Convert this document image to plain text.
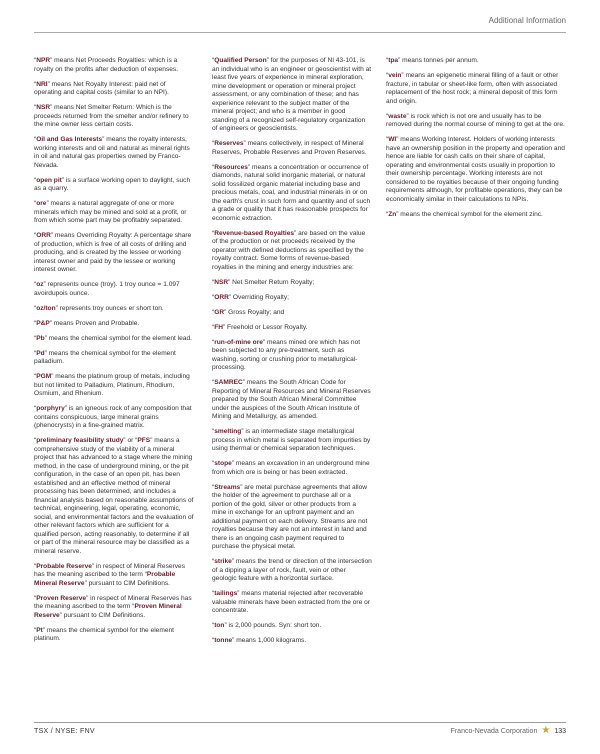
Additional Information

“NPR” means Net Proceeds Royalties: which is a royalty on the profits after deduction of expenses.

“NRI” means Net Royalty Interest: paid net of operating and capital costs (similar to an NPI).

“NSR” means Net Smelter Return: Which is the proceeds returned from the smelter and/or refinery to the mine owner less certain costs.

“Oil and Gas Interests” means the royalty interests, working interests and oil and natural as mineral rights in oil and natural gas properties owned by Franco-Nevada.

“open pit” is a surface working open to daylight, such as a quarry.

“ore” means a natural aggregate of one or more minerals which may be mined and sold at a profit, or from which some part may be profitably separated.

“ORR” means Overriding Royalty: A percentage share of production, which is free of all costs of drilling and producing, and is created by the lessee or working interest owner and paid by the lessee or working interest owner.

“oz” represents ounce (troy). 1 troy ounce = 1.097 avoirdupois ounce.

“oz/ton” represents troy ounces er short ton.

“P&P” means Proven and Probable.

“Pb” means the chemical symbol for the element lead.

“Pd” means the chemical symbol for the element palladium.

“PGM” means the platinum group of metals, including but not limited to Palladium, Platinum, Rhodium, Osmium, and Rhenium.

“porphyry” is an igneous rock of any composition that contains conspicuous, large mineral grains (phenocrysts) in a fine-grained matrix.

“preliminary feasibility study” or “PFS” means a comprehensive study of the viability of a mineral project that has advanced to a stage where the mining method, in the case of underground mining, or the pit configuration, in the case of an open pit, has been established and an effective method of mineral processing has been determined, and includes a financial analysis based on reasonable assumptions of technical, engineering, legal, operating, economic, social, and environmental factors and the evaluation of other relevant factors which are sufficient for a qualified person, acting reasonably, to determine if all or part of the mineral resource may be classified as a mineral reserve.

“Probable Reserve” in respect of Mineral Reserves has the meaning ascribed to the term “Probable Mineral Reserve” pursuant to CIM Definitions.

“Proven Reserve” in respect of Mineral Reserves has the meaning ascribed to the term “Proven Mineral Reserve” pursuant to CIM Definitions.

“Pt” means the chemical symbol for the element platinum.

“Qualified Person” for the purposes of NI 43-101, is an individual who is an engineer or geoscientist with at least five years of experience in mineral exploration, mine development or operation or mineral project assessment, or any combination of these; and has experience relevant to the subject matter of the mineral project; and who is a member in good standing of a recognized self-regulatory organization of engineers or geoscientists.

“Reserves” means collectively, in respect of Mineral Reserves, Probable Reserves and Proven Reserves.

“Resources” means a concentration or occurrence of diamonds, natural solid inorganic material, or natural solid fossilized organic material including base and precious metals, coal, and industrial minerals in or on the earth's crust in such form and quantity and of such a grade or quality that it has reasonable prospects for economic extraction.

“Revenue-based Royalties” are based on the value of the production or net proceeds received by the operator with defined deductions as specified by the royalty contract. Some forms of revenue-based royalties in the mining and energy industries are:

“NSR” Net Smelter Return Royalty;

“ORR” Overriding Royalty;

“GR” Gross Royalty; and

“FH” Freehold or Lessor Royalty.

“run-of-mine ore” means mined ore which has not been subjected to any pre-treatment, such as washing, sorting or crushing prior to metallurgical-processing.

“SAMREC” means the South African Code for Reporting of Mineral Resources and Mineral Reserves prepared by the South African Mineral Committee under the auspices of the South African Institute of Mining and Metallurgy, as amended.

“smelting” is an intermediate stage metallurgical process in which metal is separated from impurities by using thermal or chemical separation techniques.

“stope” means an excavation in an underground mine from which ore is being or has been extracted.

“Streams” are metal purchase agreements that allow the holder of the agreement to purchase all or a portion of the gold, silver or other products from a mine in exchange for an upfront payment and an additional payment on each delivery. Streams are not royalties because they are not an interest in land and there is an ongoing cash payment required to purchase the physical metal.

“strike” means the trend or direction of the intersection of a dipping a layer of rock, fault, vein or other geologic feature with a horizontal surface.

“tailings” means material rejected after recoverable valuable minerals have been extracted from the ore or concentrate.

“ton” is 2,000 pounds. Syn: short ton.

“tonne” means 1,000 kilograms.

“tpa” means tonnes per annum.

“vein” means an epigenetic mineral filling of a fault or other fracture, in tabular or sheet-like form, often with associated replacement of the host rock; a mineral deposit of this form and origin.

“waste” is rock which is not ore and usually has to be removed during the normal course of mining to get at the ore.

“WI” means Working Interest. Holders of working interests have an ownership position in the property and operation and hence are liable for cash calls on their share of capital, operating and environmental costs usually in proportion to their ownership percentage. Working interests are not considered to be royalties because of their ongoing funding requirements although, for profitable operations, they can be economically similar in their calculations to NPIs.

“Zn” means the chemical symbol for the element zinc.

TSX / NYSE: FNV	Franco-Nevada Corporation ★ 133
